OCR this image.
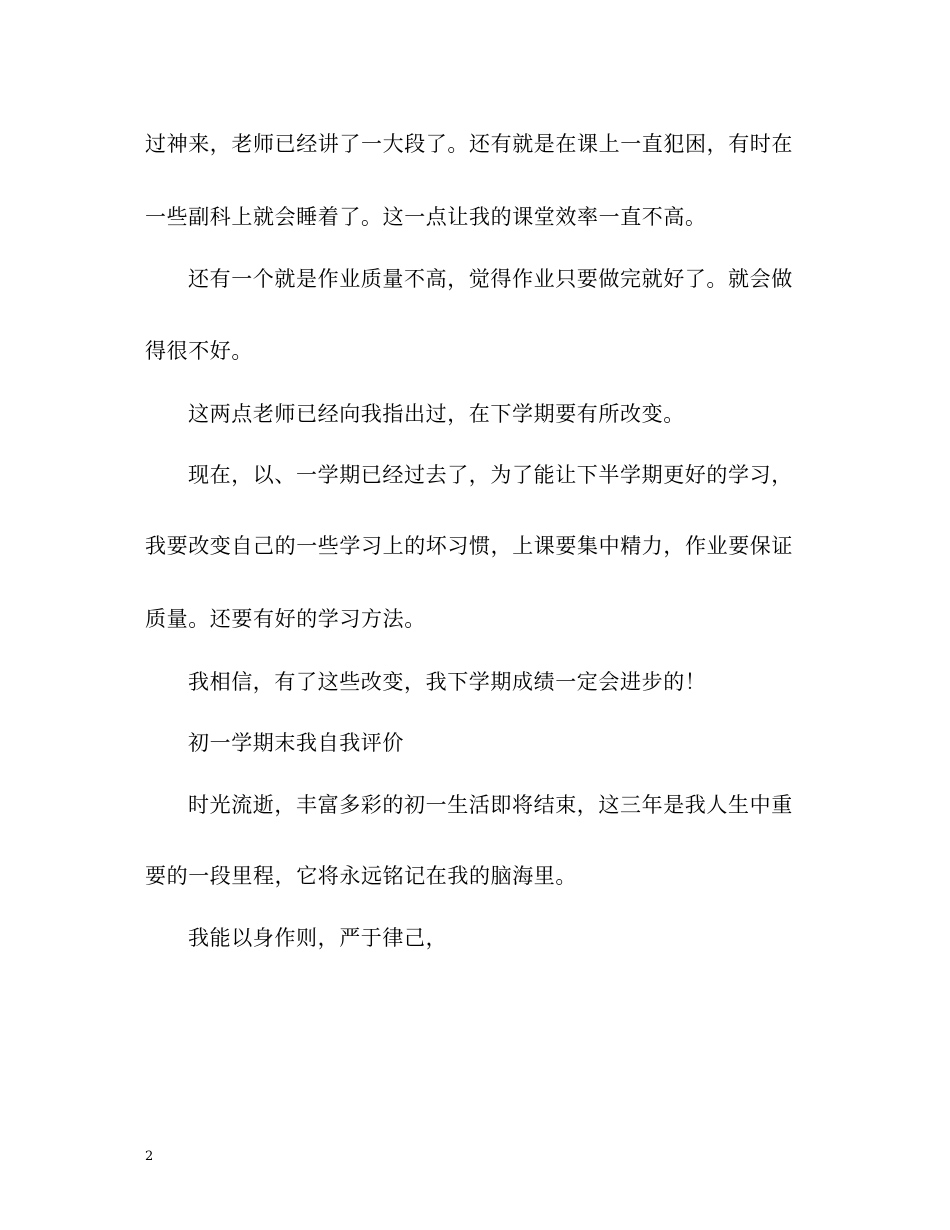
过神来，老师已经讲了一大段了。还有就是在课上一直犯困，有时在
一些副科上就会睡着了。这一点让我的课堂效率一直不高。
还有一个就是作业质量不高，觉得作业只要做完就好了。就会做
得很不好。
这两点老师已经向我指出过，在下学期要有所改变。
现在，以、一学期已经过去了，为了能让下半学期更好的学习，
我要改变自己的一些学习上的坏习惯，上课要集中精力，作业要保证
质量。还要有好的学习方法。
我相信，有了这些改变，我下学期成绩一定会进步的！
初一学期末我自我评价
时光流逝，丰富多彩的初一生活即将结束，这三年是我人生中重
要的一段里程，它将永远铭记在我的脑海里。
我能以身作则，严于律己，
2
